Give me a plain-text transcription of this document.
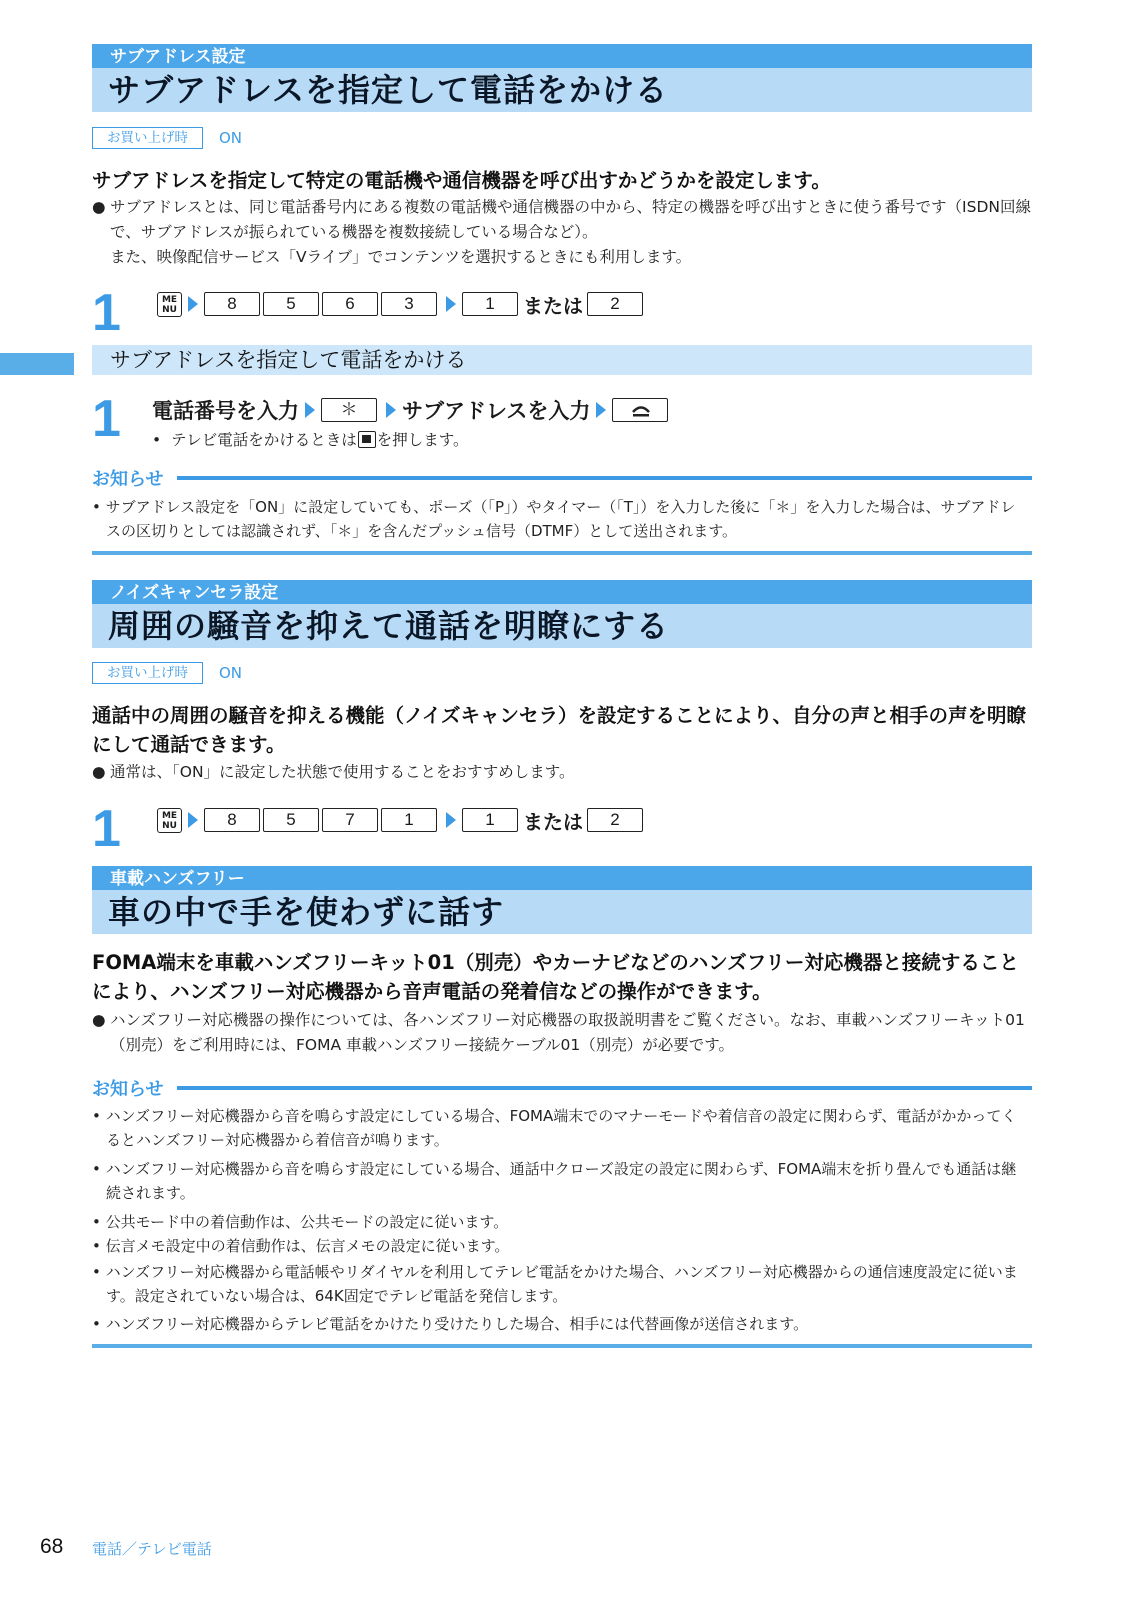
サブアドレス設定
サブアドレスを指定して電話をかける
お買い上げ時	ON
サブアドレスを指定して特定の電話機や通信機器を呼び出すかどうかを設定します。
● サブアドレスとは、同じ電話番号内にある複数の電話機や通信機器の中から、特定の機器を呼び出すときに使う番号です（ISDN回線で、サブアドレスが振られている機器を複数接続している場合など）。
また、映像配信サービス「Vライブ」でコンテンツを選択するときにも利用します。
1	ME
NU	8	5	6	3	1	または	2
サブアドレスを指定して電話をかける
1 電話番号を入力	＊	サブアドレスを入力
• テレビ電話をかけるときは を押します。
お知らせ
• サブアドレス設定を「ON」に設定していても、ポーズ（「P」）やタイマー（「T」）を入力した後に「＊」を入力した場合は、サブアドレスの区切りとしては認識されず、「＊」を含んだプッシュ信号（DTMF）として送出されます。
ノイズキャンセラ設定
周囲の騒音を抑えて通話を明瞭にする
お買い上げ時	ON
通話中の周囲の騒音を抑える機能（ノイズキャンセラ）を設定することにより、自分の声と相手の声を明瞭にして通話できます。
● 通常は、「ON」に設定した状態で使用することをおすすめします。
1	ME
NU	8	5	7	1	1	または	2
車載ハンズフリー
車の中で手を使わずに話す
FOMA端末を車載ハンズフリーキット01（別売）やカーナビなどのハンズフリー対応機器と接続することにより、ハンズフリー対応機器から音声電話の発着信などの操作ができます。
● ハンズフリー対応機器の操作については、各ハンズフリー対応機器の取扱説明書をご覧ください。なお、車載ハンズフリーキット01（別売）をご利用時には、FOMA 車載ハンズフリー接続ケーブル01（別売）が必要です。
お知らせ
• ハンズフリー対応機器から音を鳴らす設定にしている場合、FOMA端末でのマナーモードや着信音の設定に関わらず、電話がかかってくるとハンズフリー対応機器から着信音が鳴ります。
• ハンズフリー対応機器から音を鳴らす設定にしている場合、通話中クローズ設定の設定に関わらず、FOMA端末を折り畳んでも通話は継続されます。
• 公共モード中の着信動作は、公共モードの設定に従います。
• 伝言メモ設定中の着信動作は、伝言メモの設定に従います。
• ハンズフリー対応機器から電話帳やリダイヤルを利用してテレビ電話をかけた場合、ハンズフリー対応機器からの通信速度設定に従います。設定されていない場合は、64K固定でテレビ電話を発信します。
• ハンズフリー対応機器からテレビ電話をかけたり受けたりした場合、相手には代替画像が送信されます。
68 電話／テレビ電話
